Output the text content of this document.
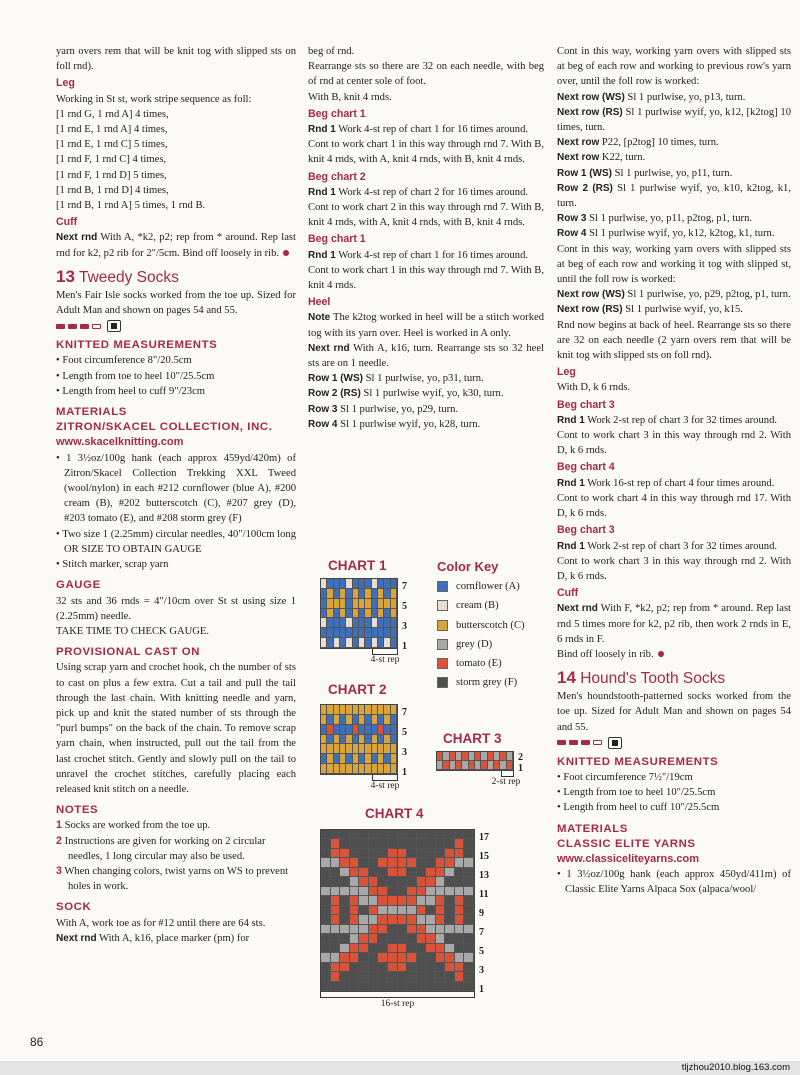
yarn overs rem that will be knit tog with slipped sts on foll rnd).

Leg

Working in St st, work stripe sequence as foll:

[1 rnd G, 1 rnd A] 4 times,

[1 rnd E, 1 rnd A] 4 times,

[1 rnd E, 1 rnd C] 5 times,

[1 rnd F, 1 rnd C] 4 times,

[1 rnd F, 1 rnd D] 5 times,

[1 rnd B, 1 rnd D] 4 times,

[1 rnd B, 1 rnd A] 5 times, 1 rnd B.

Cuff

Next rnd With A, *k2, p2; rep from * around. Rep last rnd for k2, p2 rib for 2"/5cm. Bind off loosely in rib.

13 Tweedy Socks

Men's Fair Isle socks worked from the toe up. Sized for Adult Man and shown on pages 54 and 55.

KNITTED MEASUREMENTS

• Foot circumference 8"/20.5cm
• Length from toe to heel 10"/25.5cm
• Length from heel to cuff 9"/23cm

MATERIALS

ZITRON/SKACEL COLLECTION, INC.

www.skacelknitting.com

• 1 3½oz/100g hank (each approx 459yd/420m) of Zitron/Skacel Collection Trekking XXL Tweed (wool/nylon) in each #212 cornflower (blue A), #200 cream (B), #202 butterscotch (C), #207 grey (D), #203 tomato (E), and #208 storm grey (F)
• Two size 1 (2.25mm) circular needles, 40"/100cm long OR SIZE TO OBTAIN GAUGE
• Stitch marker, scrap yarn

GAUGE

32 sts and 36 rnds = 4"/10cm over St st using size 1 (2.25mm) needle.

TAKE TIME TO CHECK GAUGE.

PROVISIONAL CAST ON

Using scrap yarn and crochet hook, ch the number of sts to cast on plus a few extra. Cut a tail and pull the tail through the last chain. With knitting needle and yarn, pick up and knit the stated number of sts through the "purl bumps" on the back of the chain. To remove scrap yarn chain, when instructed, pull out the tail from the last crochet stitch. Gently and slowly pull on the tail to unravel the crochet stitches, carefully placing each released knit stitch on a needle.

NOTES

1 Socks are worked from the toe up.
2 Instructions are given for working on 2 circular needles, 1 long circular may also be used.
3 When changing colors, twist yarns on WS to prevent holes in work.

SOCK

With A, work toe as for #12 until there are 64 sts.

Next rnd With A, k16, place marker (pm) for

beg of rnd.

Rearrange sts so there are 32 on each needle, with beg of rnd at center sole of foot.

With B, knit 4 rnds.

Beg chart 1

Rnd 1 Work 4-st rep of chart 1 for 16 times around.

Cont to work chart 1 in this way through rnd 7. With B, knit 4 rnds, with A, knit 4 rnds, with B, knit 4 rnds.

Beg chart 2

Rnd 1 Work 4-st rep of chart 2 for 16 times around.

Cont to work chart 2 in this way through rnd 7. With B, knit 4 rnds, with A, knit 4 rnds, with B, knit 4 rnds.

Beg chart 1

Rnd 1 Work 4-st rep of chart 1 for 16 times around.

Cont to work chart 1 in this way through rnd 7. With B, knit 4 rnds.

Heel

Note The k2tog worked in heel will be a stitch worked tog with its yarn over. Heel is worked in A only.

Next rnd With A, k16, turn. Rearrange sts so 32 heel sts are on 1 needle.

Row 1 (WS) Sl 1 purlwise, yo, p31, turn.

Row 2 (RS) Sl 1 purlwise wyif, yo, k30, turn.

Row 3 Sl 1 purlwise, yo, p29, turn.

Row 4 Sl 1 purlwise wyif, yo, k28, turn.

Cont in this way, working yarn overs with slipped sts at beg of each row and working to previous row's yarn over, until the foll row is worked:

Next row (WS) Sl 1 purlwise, yo, p13, turn.

Next row (RS) Sl 1 purlwise wyif, yo, k12, [k2tog] 10 times, turn.

Next row P22, [p2tog] 10 times, turn.

Next row K22, turn.

Row 1 (WS) Sl 1 purlwise, yo, p11, turn.

Row 2 (RS) Sl 1 purlwise wyif, yo, k10, k2tog, k1, turn.

Row 3 Sl 1 purlwise, yo, p11, p2tog, p1, turn.

Row 4 Sl 1 purlwise wyif, yo, k12, k2tog, k1, turn.

Cont in this way, working yarn overs with slipped sts at beg of each row and working it tog with slipped st, until the foll row is worked:

Next row (WS) Sl 1 purlwise, yo, p29, p2tog, p1, turn.

Next row (RS) Sl 1 purlwise wyif, yo, k15.

Rnd now begins at back of heel. Rearrange sts so there are 32 on each needle (2 yarn overs rem that will be knit tog with slipped sts on foll rnd).

Leg

With D, k 6 rnds.

Beg chart 3

Rnd 1 Work 2-st rep of chart 3 for 32 times around.

Cont to work chart 3 in this way through rnd 2. With D, k 6 rnds.

Beg chart 4

Rnd 1 Work 16-st rep of chart 4 four times around.

Cont to work chart 4 in this way through rnd 17. With D, k 6 rnds.

Beg chart 3

Rnd 1 Work 2-st rep of chart 3 for 32 times around.

Cont to work chart 3 in this way through rnd 2. With D, k 6 rnds.

Cuff

Next rnd With F, *k2, p2; rep from * around. Rep last rnd 5 times more for k2, p2 rib, then work 2 rnds in E, 6 rnds in F.

Bind off loosely in rib.

14 Hound's Tooth Socks

Men's houndstooth-patterned socks worked from the toe up. Sized for Adult Man and shown on pages 54 and 55.

KNITTED MEASUREMENTS

• Foot circumference 7½"/19cm
• Length from toe to heel 10"/25.5cm
• Length from heel to cuff 10"/25.5cm

MATERIALS

CLASSIC ELITE YARNS

www.classiceliteyarns.com

• 1 3½oz/100g hank (each approx 450yd/411m) of Classic Elite Yarns Alpaca Sox (alpaca/wool/
CHART 1
7
5
3
1
4-st rep
CHART 2
7
5
3
1
4-st rep
CHART 3
2
1
2-st rep
CHART 4
17
15
13
11
9
7
5
3
1
16-st rep
Color Key
cornflower (A)
cream (B)
butterscotch (C)
grey (D)
tomato (E)
storm grey (F)
86
tljzhou2010.blog.163.com
